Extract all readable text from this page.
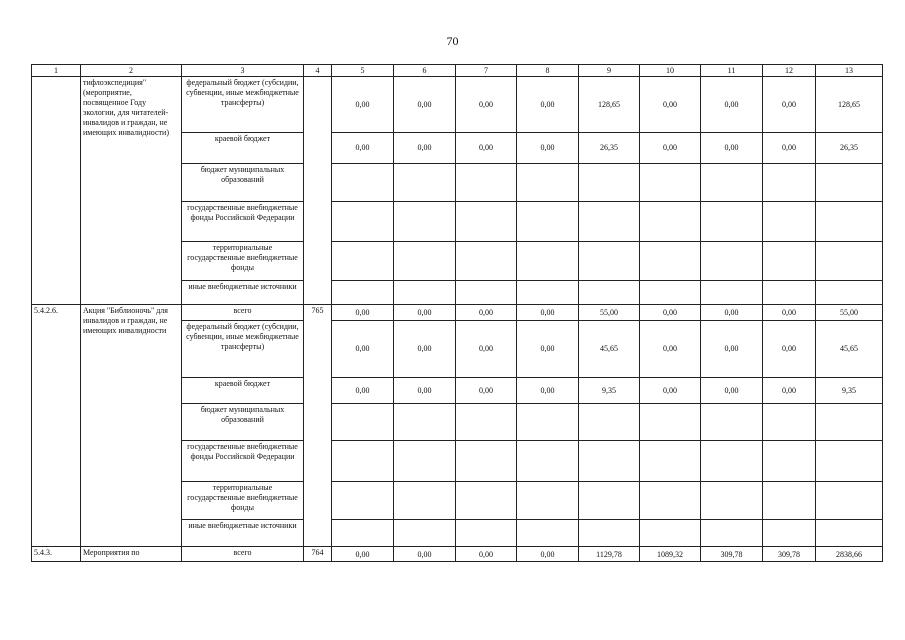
70
1	2	3	4	5	6	7	8	9	10	11	12	13
	тифлоэкспедиция" (мероприятие, посвященное Году экологии, для читателей-инвалидов и граждан, не имеющих инвалидности)	федеральный бюджет (субсидии, субвенции, иные межбюджетные трансферты)		0,00	0,00	0,00	0,00	128,65	0,00	0,00	0,00	128,65
		краевой бюджет		0,00	0,00	0,00	0,00	26,35	0,00	0,00	0,00	26,35
		бюджет муниципальных образований										
		государственные внебюджетные фонды Российской Федерации										
		территориальные государственные внебюджетные фонды										
		иные внебюджетные источники										
5.4.2.6.	Акция "Библионочь" для инвалидов и граждан, не имеющих инвалидности	всего	765	0,00	0,00	0,00	0,00	55,00	0,00	0,00	0,00	55,00
		федеральный бюджет (субсидии, субвенции, иные межбюджетные трансферты)		0,00	0,00	0,00	0,00	45,65	0,00	0,00	0,00	45,65
		краевой бюджет		0,00	0,00	0,00	0,00	9,35	0,00	0,00	0,00	9,35
		бюджет муниципальных образований										
		государственные внебюджетные фонды Российской Федерации										
		территориальные государственные внебюджетные фонды										
		иные внебюджетные источники										
5.4.3.	Мероприятия по	всего	764	0,00	0,00	0,00	0,00	1129,78	1089,32	309,78	309,78	2838,66
